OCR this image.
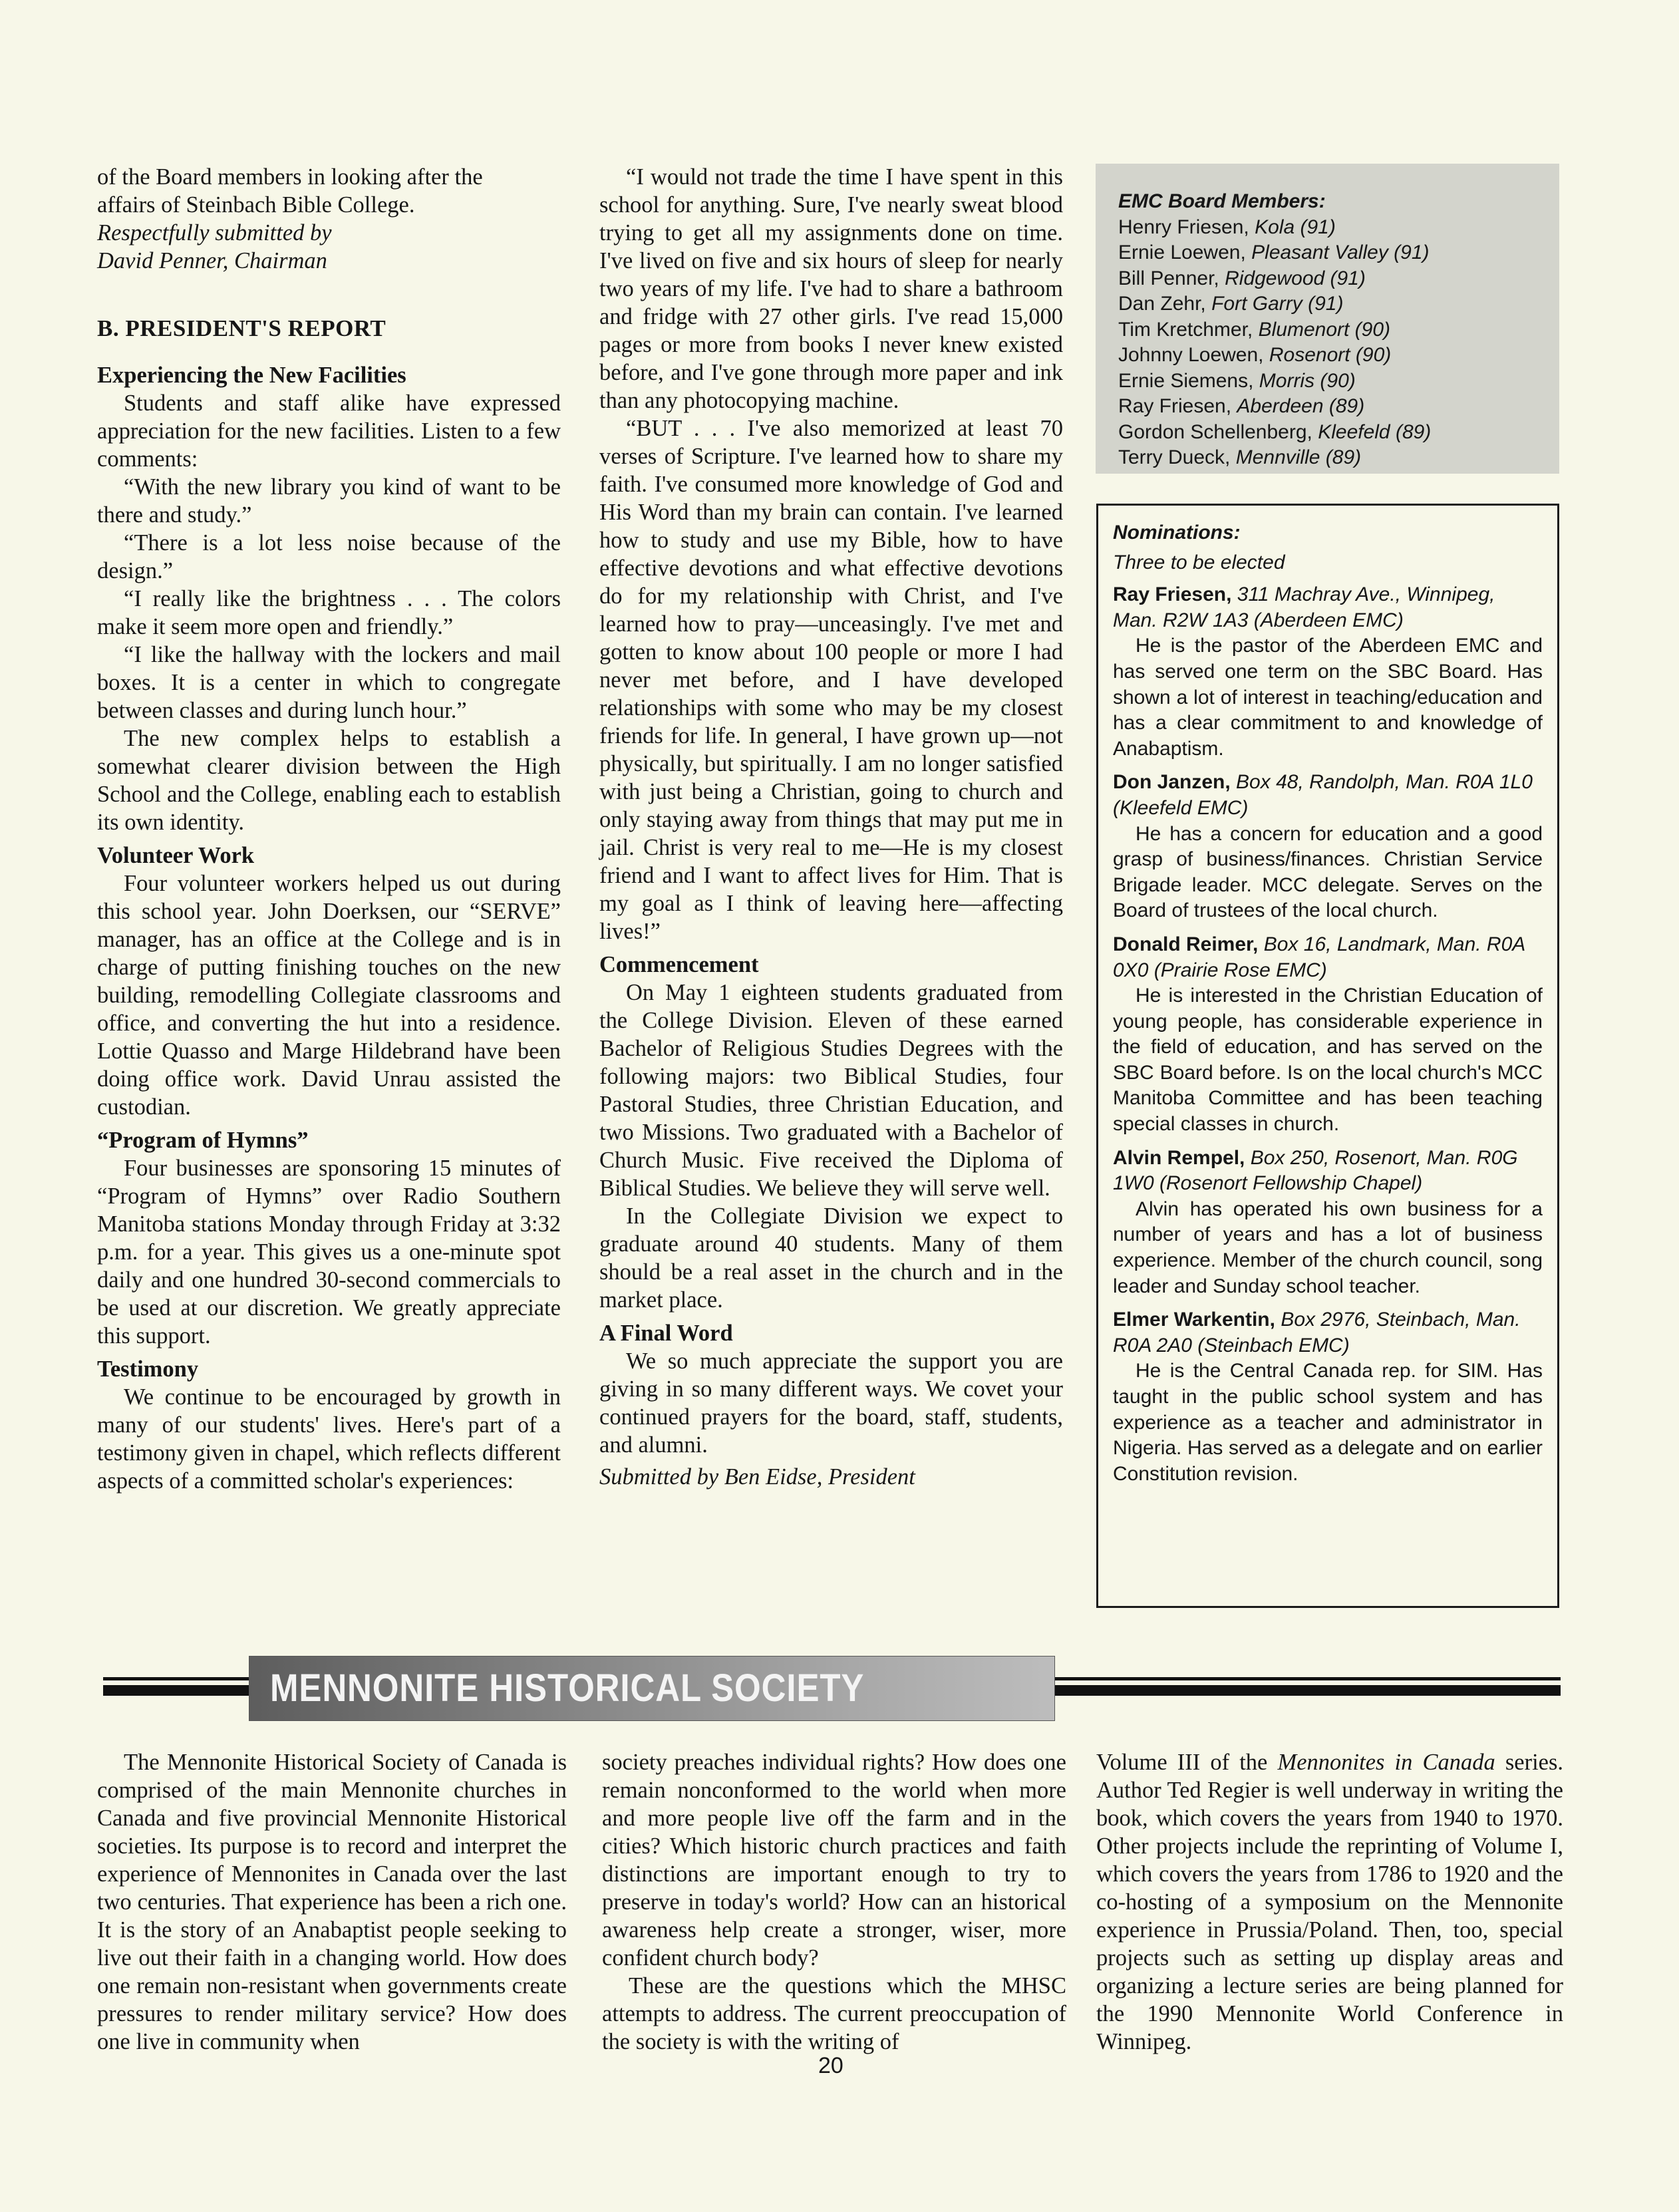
of the Board members in looking after the

affairs of Steinbach Bible College.

Respectfully submitted by

David Penner, Chairman

B. PRESIDENT'S REPORT
Experiencing the New Facilities

Students and staff alike have expressed appreciation for the new facilities. Listen to a few comments:

“With the new library you kind of want to be there and study.”

“There is a lot less noise because of the design.”

“I really like the brightness . . . The colors make it seem more open and friendly.”

“I like the hallway with the lockers and mail boxes. It is a center in which to congregate between classes and during lunch hour.”

The new complex helps to establish a somewhat clearer division between the High School and the College, enabling each to establish its own identity.

Volunteer Work

Four volunteer workers helped us out during this school year. John Doerksen, our “SERVE” manager, has an office at the College and is in charge of putting finishing touches on the new building, remodelling Collegiate classrooms and office, and converting the hut into a residence. Lottie Quasso and Marge Hildebrand have been doing office work. David Unrau assisted the custodian.

“Program of Hymns”

Four businesses are sponsoring 15 minutes of “Program of Hymns” over Radio Southern Manitoba stations Monday through Friday at 3:32 p.m. for a year. This gives us a one-minute spot daily and one hundred 30-second commercials to be used at our discretion. We greatly appreciate this support.

Testimony

We continue to be encouraged by growth in many of our students' lives. Here's part of a testimony given in chapel, which reflects different aspects of a committed scholar's experiences:

“I would not trade the time I have spent in this school for anything. Sure, I've nearly sweat blood trying to get all my assignments done on time. I've lived on five and six hours of sleep for nearly two years of my life. I've had to share a bathroom and fridge with 27 other girls. I've read 15,000 pages or more from books I never knew existed before, and I've gone through more paper and ink than any photocopying machine.

“BUT . . . I've also memorized at least 70 verses of Scripture. I've learned how to share my faith. I've consumed more knowledge of God and His Word than my brain can contain. I've learned how to study and use my Bible, how to have effective devotions and what effective devotions do for my relationship with Christ, and I've learned how to pray—unceasingly. I've met and gotten to know about 100 people or more I had never met before, and I have developed relationships with some who may be my closest friends for life. In general, I have grown up—not physically, but spiritually. I am no longer satisfied with just being a Christian, going to church and only staying away from things that may put me in jail. Christ is very real to me—He is my closest friend and I want to affect lives for Him. That is my goal as I think of leaving here—affecting lives!”

Commencement

On May 1 eighteen students graduated from the College Division. Eleven of these earned Bachelor of Religious Studies Degrees with the following majors: two Biblical Studies, four Pastoral Studies, three Christian Education, and two Missions. Two graduated with a Bachelor of Church Music. Five received the Diploma of Biblical Studies. We believe they will serve well.

In the Collegiate Division we expect to graduate around 40 students. Many of them should be a real asset in the church and in the market place.

A Final Word

We so much appreciate the support you are giving in so many different ways. We covet your continued prayers for the board, staff, students, and alumni.

Submitted by Ben Eidse, President

EMC Board Members:
Henry Friesen, Kola (91)
Ernie Loewen, Pleasant Valley (91)
Bill Penner, Ridgewood (91)
Dan Zehr, Fort Garry (91)
Tim Kretchmer, Blumenort (90)
Johnny Loewen, Rosenort (90)
Ernie Siemens, Morris (90)
Ray Friesen, Aberdeen (89)
Gordon Schellenberg, Kleefeld (89)
Terry Dueck, Mennville (89)
Nominations:
Three to be elected
Ray Friesen, 311 Machray Ave., Winnipeg, Man. R2W 1A3 (Aberdeen EMC)
He is the pastor of the Aberdeen EMC and has served one term on the SBC Board. Has shown a lot of interest in teaching/education and has a clear commitment to and knowledge of Anabaptism.
Don Janzen, Box 48, Randolph, Man. R0A 1L0 (Kleefeld EMC)
He has a concern for education and a good grasp of business/finances. Christian Service Brigade leader. MCC delegate. Serves on the Board of trustees of the local church.
Donald Reimer, Box 16, Landmark, Man. R0A 0X0 (Prairie Rose EMC)
He is interested in the Christian Education of young people, has considerable experience in the field of education, and has served on the SBC Board before. Is on the local church's MCC Manitoba Committee and has been teaching special classes in church.
Alvin Rempel, Box 250, Rosenort, Man. R0G 1W0 (Rosenort Fellowship Chapel)
Alvin has operated his own business for a number of years and has a lot of business experience. Member of the church council, song leader and Sunday school teacher.
Elmer Warkentin, Box 2976, Steinbach, Man. R0A 2A0 (Steinbach EMC)
He is the Central Canada rep. for SIM. Has taught in the public school system and has experience as a teacher and administrator in Nigeria. Has served as a delegate and on earlier Constitution revision.
MENNONITE HISTORICAL SOCIETY

The Mennonite Historical Society of Canada is comprised of the main Mennonite churches in Canada and five provincial Mennonite Historical societies. Its purpose is to record and interpret the experience of Mennonites in Canada over the last two centuries. That experience has been a rich one. It is the story of an Anabaptist people seeking to live out their faith in a changing world. How does one remain non-resistant when governments create pressures to render military service? How does one live in community when

society preaches individual rights? How does one remain nonconformed to the world when more and more people live off the farm and in the cities? Which historic church practices and faith distinctions are important enough to try to preserve in today's world? How can an historical awareness help create a stronger, wiser, more confident church body?

These are the questions which the MHSC attempts to address. The current preoccupation of the society is with the writing of

Volume III of the Mennonites in Canada series. Author Ted Regier is well underway in writing the book, which covers the years from 1940 to 1970. Other projects include the reprinting of Volume I, which covers the years from 1786 to 1920 and the co-hosting of a symposium on the Mennonite experience in Prussia/Poland. Then, too, special projects such as setting up display areas and organizing a lecture series are being planned for the 1990 Mennonite World Conference in Winnipeg.

20
